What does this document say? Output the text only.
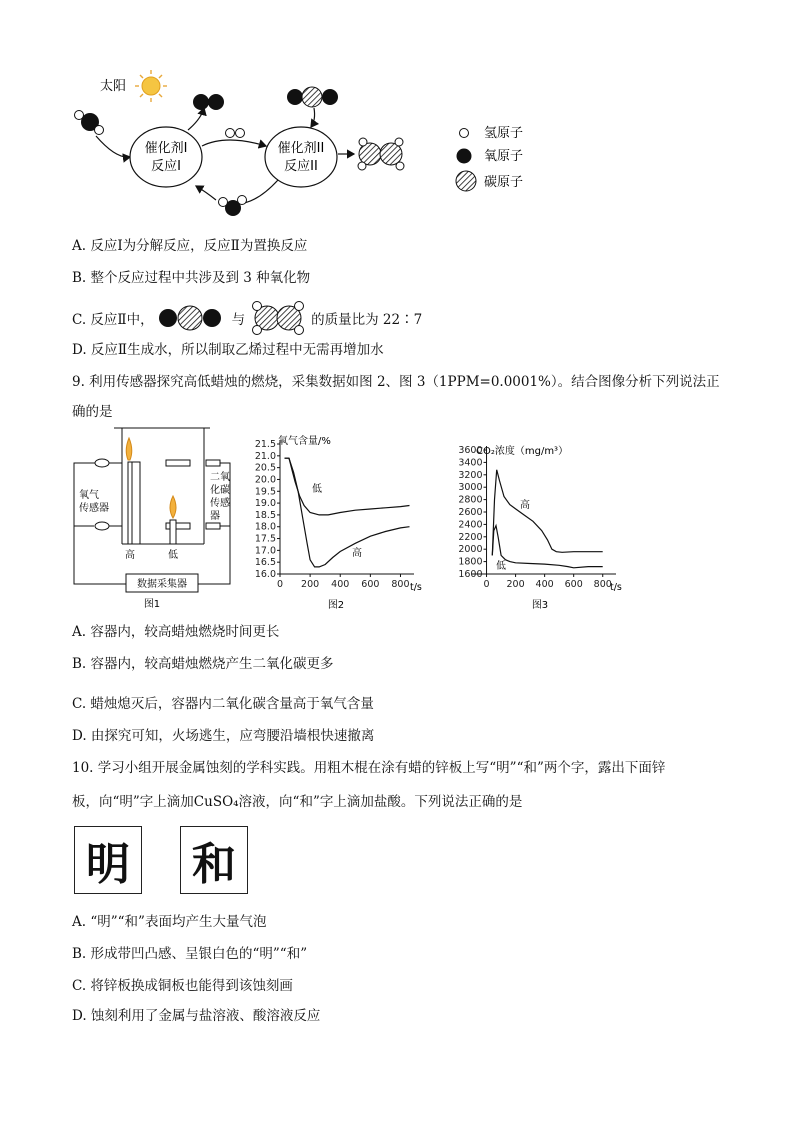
太阳
催化剂I
反应I
催化剂II
反应II
氢原子
氧原子
碳原子
A. 反应Ⅰ为分解反应，反应Ⅱ为置换反应
B. 整个反应过程中共涉及到 3 种氧化物
C. 反应Ⅱ中，	与	的质量比为 22∶7
D. 反应Ⅱ生成水，所以制取乙烯过程中无需再增加水
9. 利用传感器探究高低蜡烛的燃烧，采集数据如图 2、图 3（1PPM=0.0001%）。结合图像分析下列说法正
确的是
数据采集器
氧气
传感器
二氧
化碳
传感
器
高	低
图1
氧气含量/%
t/s
图2
低
高
16.0
16.5
17.0
17.5
18.0
18.5
19.0
19.5
20.0
20.5
21.0
21.5
0 200 400 600 800
CO₂浓度（mg/m³）
t/s
图3
高
低
1600
1800
2000
2200
2400
2600
2800
3000
3200
3400
3600
0 200 400 600 800
A. 容器内，较高蜡烛燃烧时间更长
B. 容器内，较高蜡烛燃烧产生二氧化碳更多
C. 蜡烛熄灭后，容器内二氧化碳含量高于氧气含量
D. 由探究可知，火场逃生，应弯腰沿墙根快速撤离
10. 学习小组开展金属蚀刻的学科实践。用粗木棍在涂有蜡的锌板上写“明”“和”两个字，露出下面锌
板，向“明”字上滴加CuSO₄溶液，向“和”字上滴加盐酸。下列说法正确的是
明 和
A. “明”“和”表面均产生大量气泡
B. 形成带凹凸感、呈银白色的“明”“和”
C. 将锌板换成铜板也能得到该蚀刻画
D. 蚀刻利用了金属与盐溶液、酸溶液反应
